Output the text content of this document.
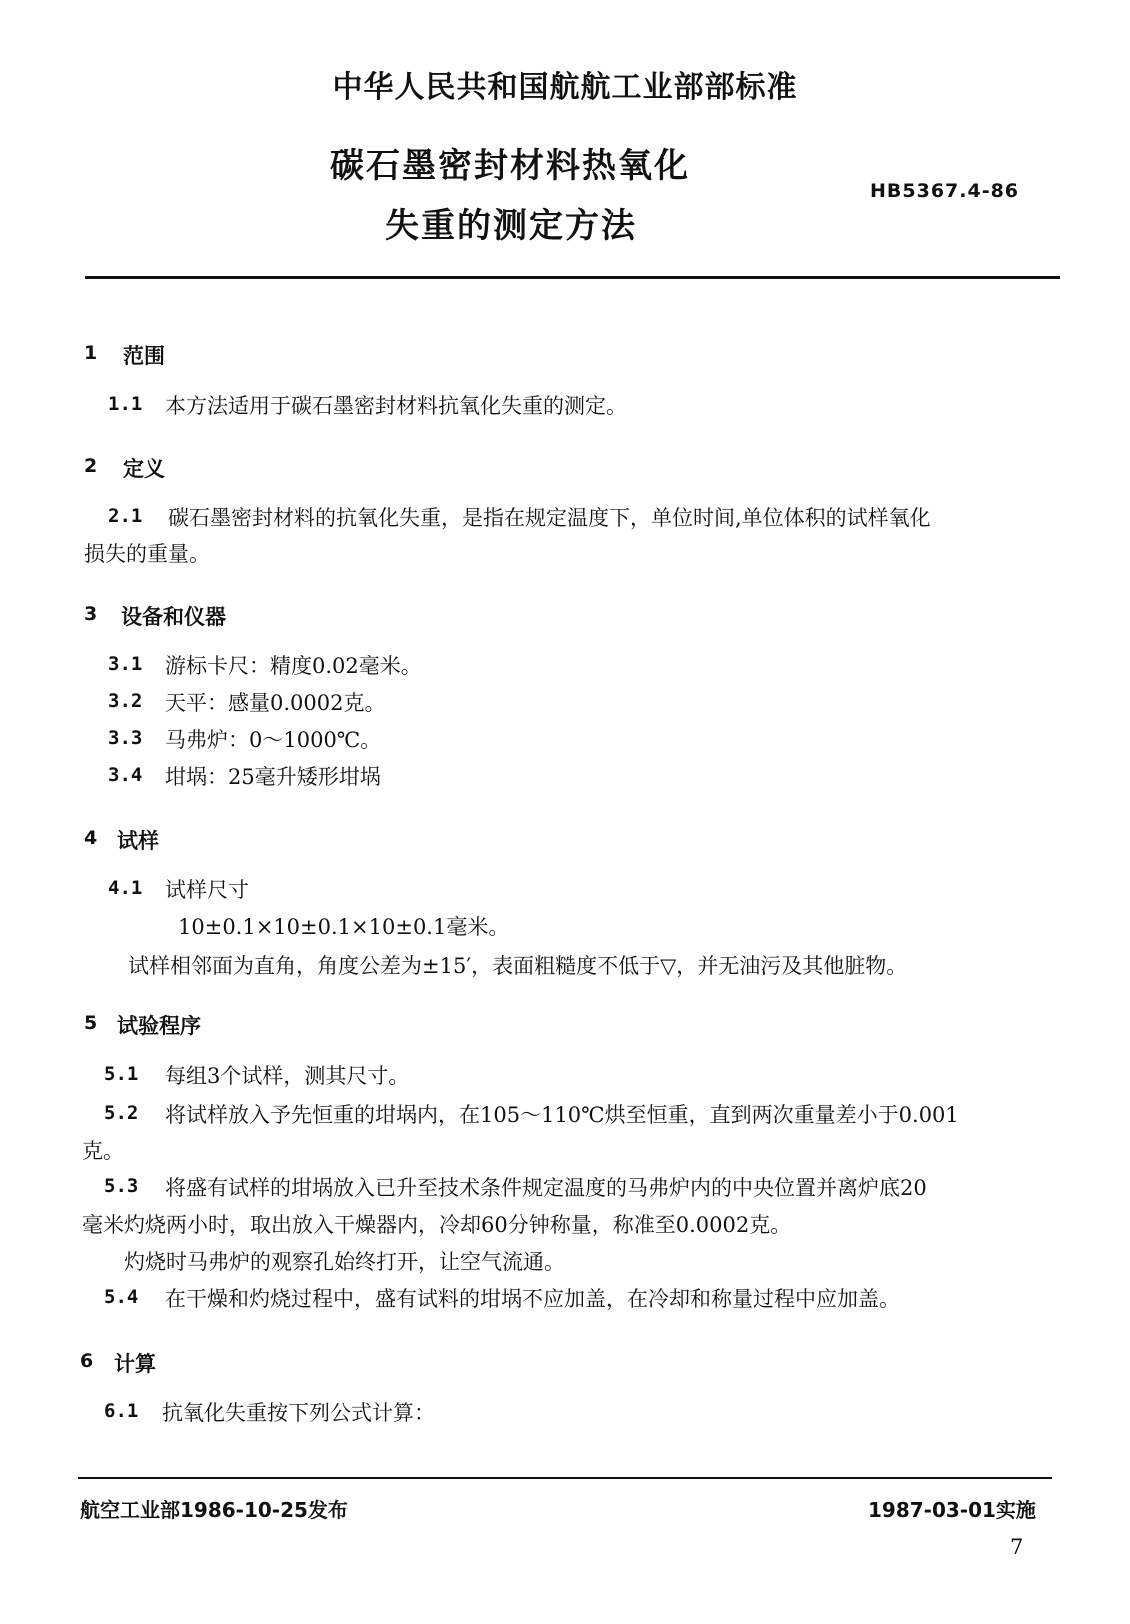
中华人民共和国航航工业部部标准
碳石墨密封材料热氧化
失重的测定方法
HB5367.4-86
1 范围
1.1 本方法适用于碳石墨密封材料抗氧化失重的测定。
2 定义
2.1 碳石墨密封材料的抗氧化失重，是指在规定温度下，单位时间,单位体积的试样氧化
损失的重量。
3 设备和仪器
3.1 游标卡尺：精度0.02毫米。
3.2 天平：感量0.0002克。
3.3 马弗炉：0～1000℃。
3.4 坩埚：25毫升矮形坩埚
4 试样
4.1 试样尺寸
10±0.1×10±0.1×10±0.1毫米。
试样相邻面为直角，角度公差为±15′，表面粗糙度不低于▽，并无油污及其他脏物。
5 试验程序
5.1 每组3个试样，测其尺寸。
5.2 将试样放入予先恒重的坩埚内，在105～110℃烘至恒重，直到两次重量差小于0.001
克。
5.3 将盛有试样的坩埚放入已升至技术条件规定温度的马弗炉内的中央位置并离炉底20
毫米灼烧两小时，取出放入干燥器内，冷却60分钟称量，称准至0.0002克。
灼烧时马弗炉的观察孔始终打开，让空气流通。
5.4 在干燥和灼烧过程中，盛有试料的坩埚不应加盖，在冷却和称量过程中应加盖。
6 计算
6.1 抗氧化失重按下列公式计算：
航空工业部1986-10-25发布	1987-03-01实施
7
